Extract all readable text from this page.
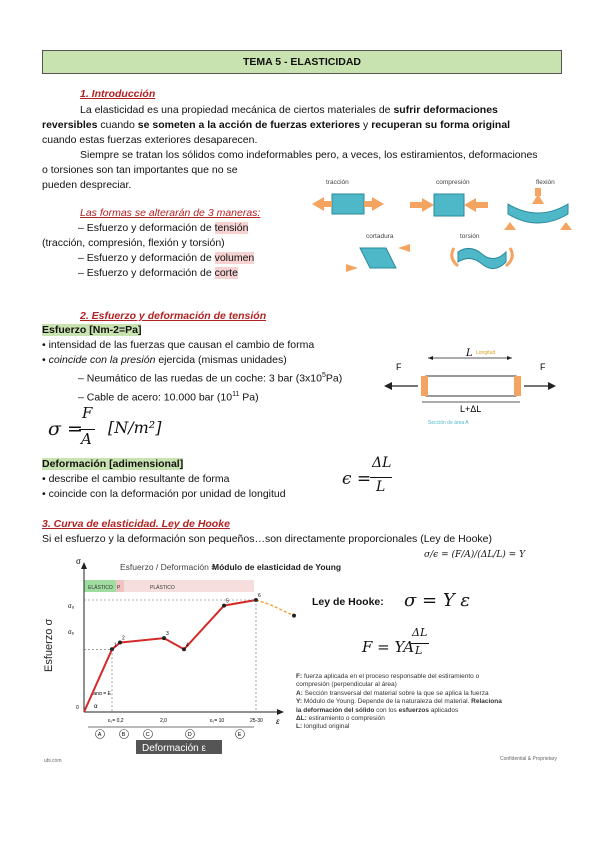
TEMA 5 - ELASTICIDAD
1. Introducción
La elasticidad es una propiedad mecánica de ciertos materiales de sufrir deformaciones
reversibles cuando se someten a la acción de fuerzas exteriores y recuperan su forma original
cuando estas fuerzas exteriores desaparecen.
Siempre se tratan los sólidos como indeformables pero, a veces, los estiramientos, deformaciones
o torsiones son tan importantes que no se
pueden despreciar.
Las formas se alterarán de 3 maneras:
– Esfuerzo y deformación de tensión
(tracción, compresión, flexión y torsión)
– Esfuerzo y deformación de volumen
– Esfuerzo y deformación de corte
tracción	compresión	flexión
cortadura	torsión
2. Esfuerzo y deformación de tensión
Esfuerzo [Nm-2=Pa]
• intensidad de las fuerzas que causan el cambio de forma
• coincide con la presión ejercida (mismas unidades)
– Neumático de las ruedas de un coche: 3 bar $(3x10^5Pa)$
– Cable de acero: 10.000 bar ($10^{11}$ Pa)
σ =
F
A
[N/m²]
F	F
L Longitud
L+ΔL
Sección de área A
Deformación [adimensional]
• describe el cambio resultante de forma
• coincide con la deformación por unidad de longitud
ϵ =
ΔL
L
3. Curva de elasticidad. Ley de Hooke
Si el esfuerzo y la deformación son pequeños…son directamente proporcionales (Ley de Hooke)
Esfuerzo / Deformación =
Módulo de elasticidad de Young
ELÁSTICO P	PLÁSTICO
σ
ε
σᵤ
σₑ
ε₀= 0,2	2,0	ε₀= 10	25-30
tanα = E
α
Esfuerzo σ
Deformación ε
A	B	C	D	E
0
1
2
3
4
5
6
σ/ϵ = (F/A)/(ΔL/L) = Y
Ley de Hooke: σ = Y ε
F = YA
ΔL
L
F: fuerza aplicada en el proceso responsable del estiramiento o
compresión (perpendicular al área)
A: Sección transversal del material sobre la que se aplica la fuerza
Y: Módulo de Young. Depende de la naturaleza del material. Relaciona
la deformación del sólido con los esfuerzos aplicados
ΔL: estiramiento o compresión
L: longitud original
ubi.com	Confidential & Proprietary
